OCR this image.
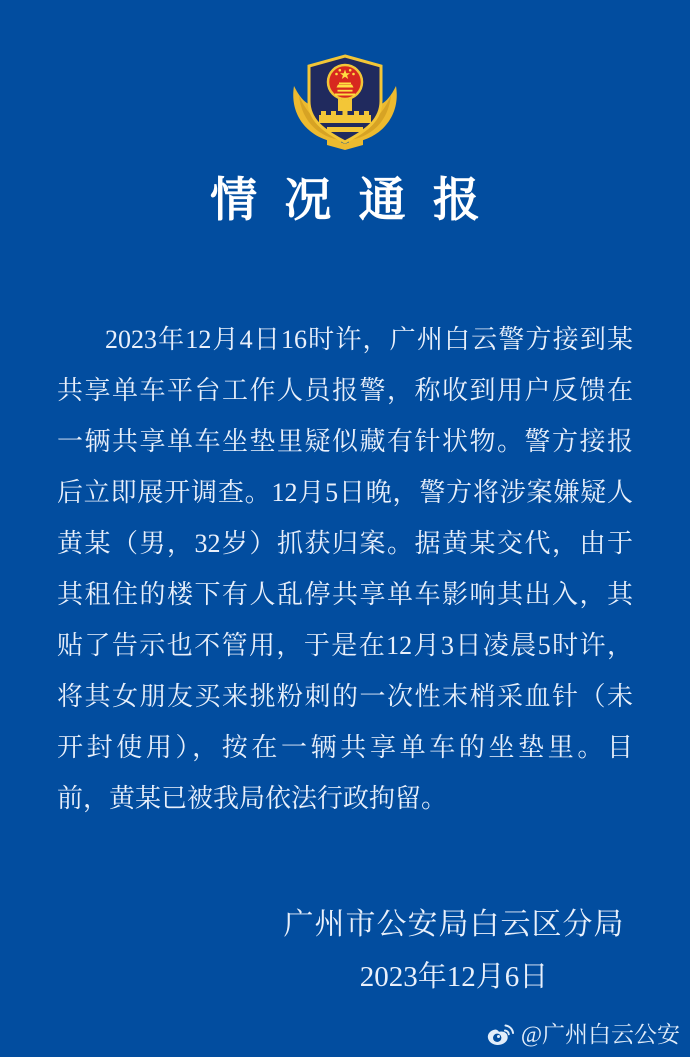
情况通报
2023年12月4日16时许，广州白云警方接到某
共享单车平台工作人员报警，称收到用户反馈在
一辆共享单车坐垫里疑似藏有针状物。警方接报
后立即展开调查。12月5日晚，警方将涉案嫌疑人
黄某（男，32岁）抓获归案。据黄某交代，由于
其租住的楼下有人乱停共享单车影响其出入，其
贴了告示也不管用，于是在12月3日凌晨5时许，
将其女朋友买来挑粉刺的一次性末梢采血针（未
开封使用），按在一辆共享单车的坐垫里。目
前，黄某已被我局依法行政拘留。
广州市公安局白云区分局
2023年12月6日
@广州白云公安
